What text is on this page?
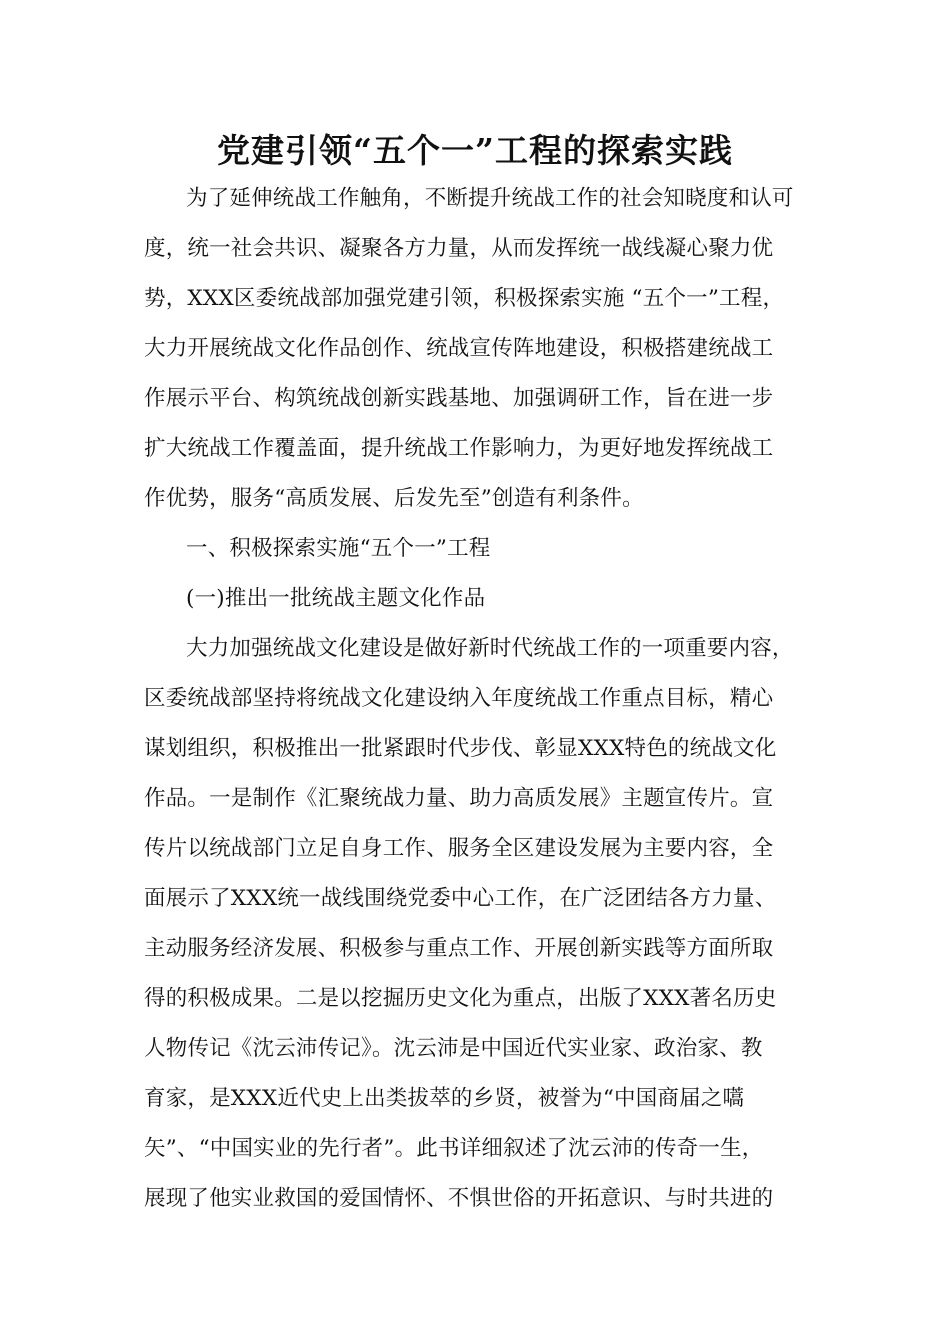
党建引领“五个一”工程的探索实践
为了延伸统战工作触角，不断提升统战工作的社会知晓度和认可
度，统一社会共识、凝聚各方力量，从而发挥统一战线凝心聚力优
势，XXX区委统战部加强党建引领，积极探索实施 “五个一”工程，
大力开展统战文化作品创作、统战宣传阵地建设，积极搭建统战工
作展示平台、构筑统战创新实践基地、加强调研工作，旨在进一步
扩大统战工作覆盖面，提升统战工作影响力，为更好地发挥统战工
作优势，服务“高质发展、后发先至”创造有利条件。
一、积极探索实施“五个一”工程
(一)推出一批统战主题文化作品
大力加强统战文化建设是做好新时代统战工作的一项重要内容，
区委统战部坚持将统战文化建设纳入年度统战工作重点目标，精心
谋划组织，积极推出一批紧跟时代步伐、彰显XXX特色的统战文化
作品。一是制作《汇聚统战力量、助力高质发展》主题宣传片。宣
传片以统战部门立足自身工作、服务全区建设发展为主要内容，全
面展示了XXX统一战线围绕党委中心工作，在广泛团结各方力量、
主动服务经济发展、积极参与重点工作、开展创新实践等方面所取
得的积极成果。二是以挖掘历史文化为重点，出版了XXX著名历史
人物传记《沈云沛传记》。沈云沛是中国近代实业家、政治家、教
育家，是XXX近代史上出类拔萃的乡贤，被誉为“中国商届之嚆
矢”、“中国实业的先行者”。此书详细叙述了沈云沛的传奇一生，
展现了他实业救国的爱国情怀、不惧世俗的开拓意识、与时共进的
